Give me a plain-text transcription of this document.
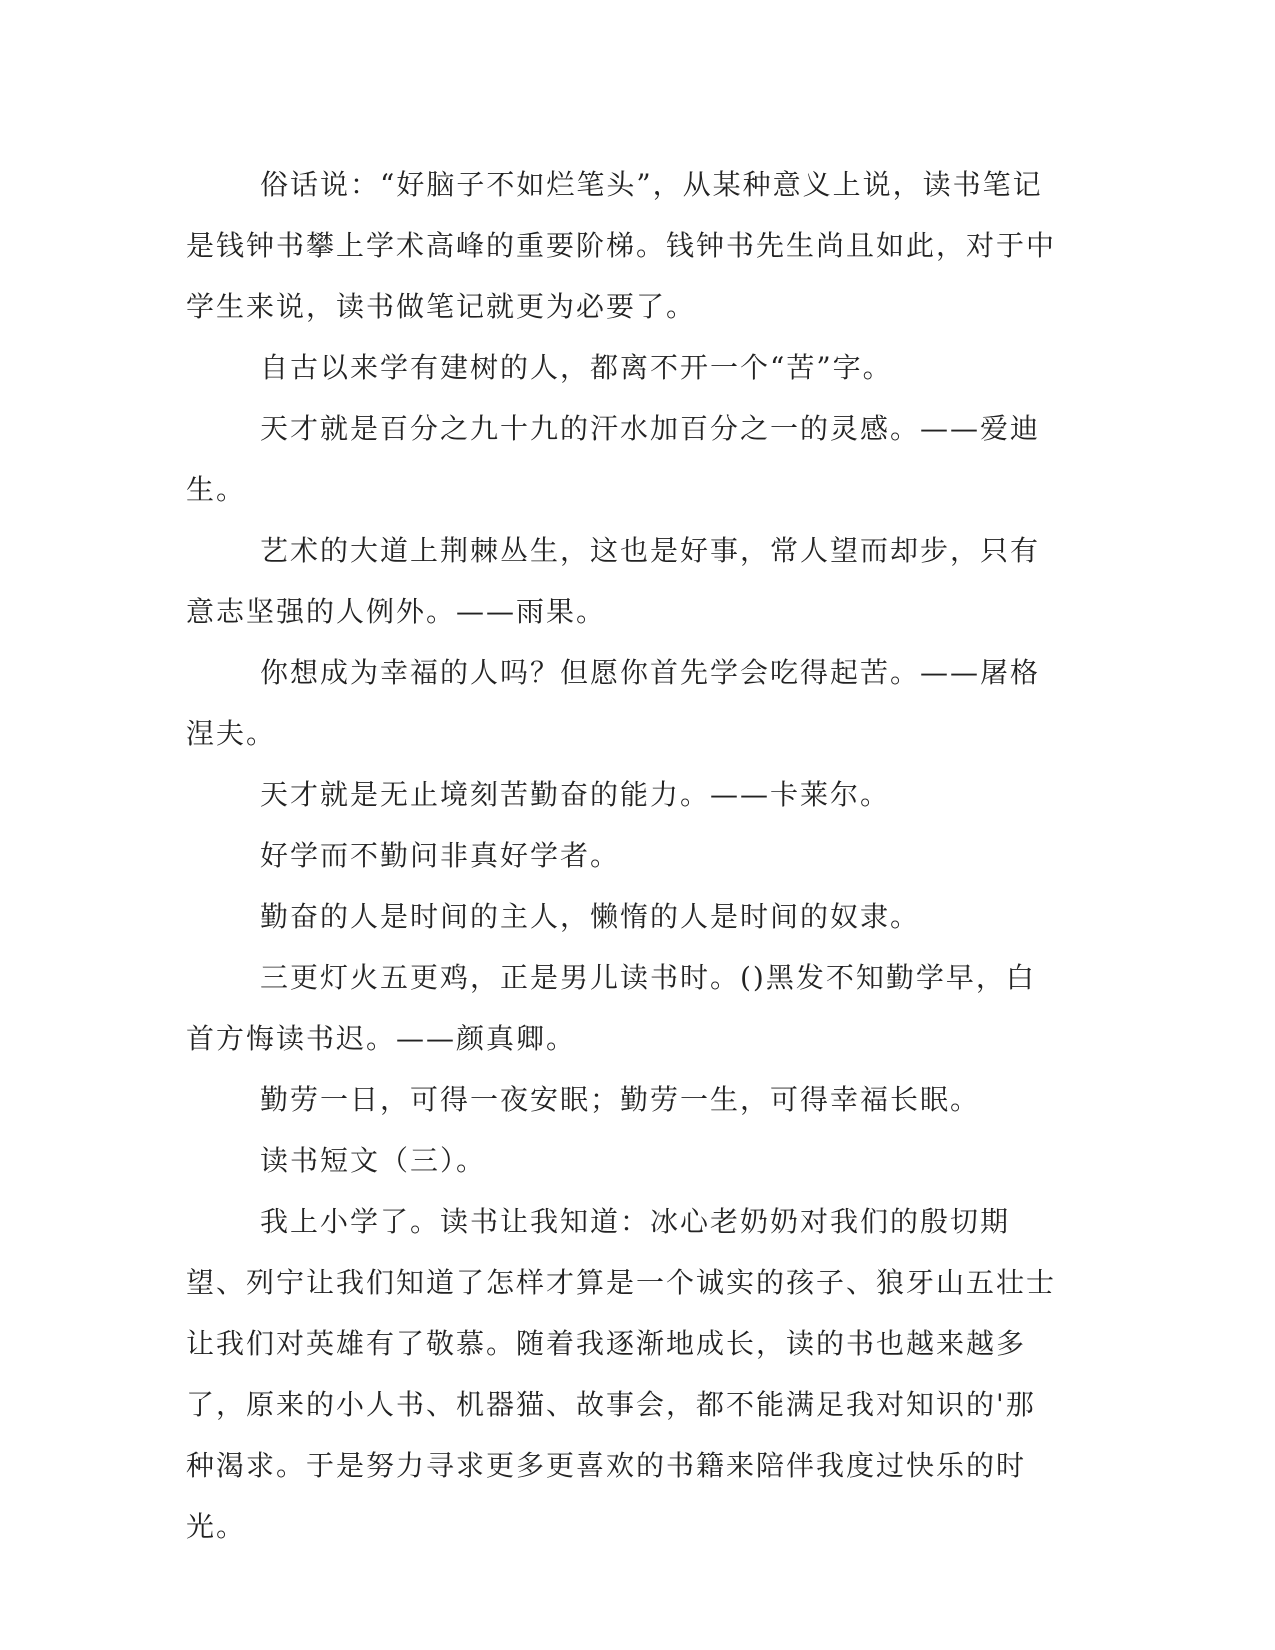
俗话说：“好脑子不如烂笔头”，从某种意义上说，读书笔记是钱钟书攀上学术高峰的重要阶梯。钱钟书先生尚且如此，对于中学生来说，读书做笔记就更为必要了。

自古以来学有建树的人，都离不开一个“苦”字。

天才就是百分之九十九的汗水加百分之一的灵感。——爱迪生。

艺术的大道上荆棘丛生，这也是好事，常人望而却步，只有意志坚强的人例外。——雨果。

你想成为幸福的人吗？但愿你首先学会吃得起苦。——屠格涅夫。

天才就是无止境刻苦勤奋的能力。——卡莱尔。

好学而不勤问非真好学者。

勤奋的人是时间的主人，懒惰的人是时间的奴隶。

三更灯火五更鸡，正是男儿读书时。()黑发不知勤学早，白首方悔读书迟。——颜真卿。

勤劳一日，可得一夜安眠；勤劳一生，可得幸福长眠。

读书短文（三）。

我上小学了。读书让我知道：冰心老奶奶对我们的殷切期望、列宁让我们知道了怎样才算是一个诚实的孩子、狼牙山五壮士让我们对英雄有了敬慕。随着我逐渐地成长，读的书也越来越多了，原来的小人书、机器猫、故事会，都不能满足我对知识的'那种渴求。于是努力寻求更多更喜欢的书籍来陪伴我度过快乐的时光。
